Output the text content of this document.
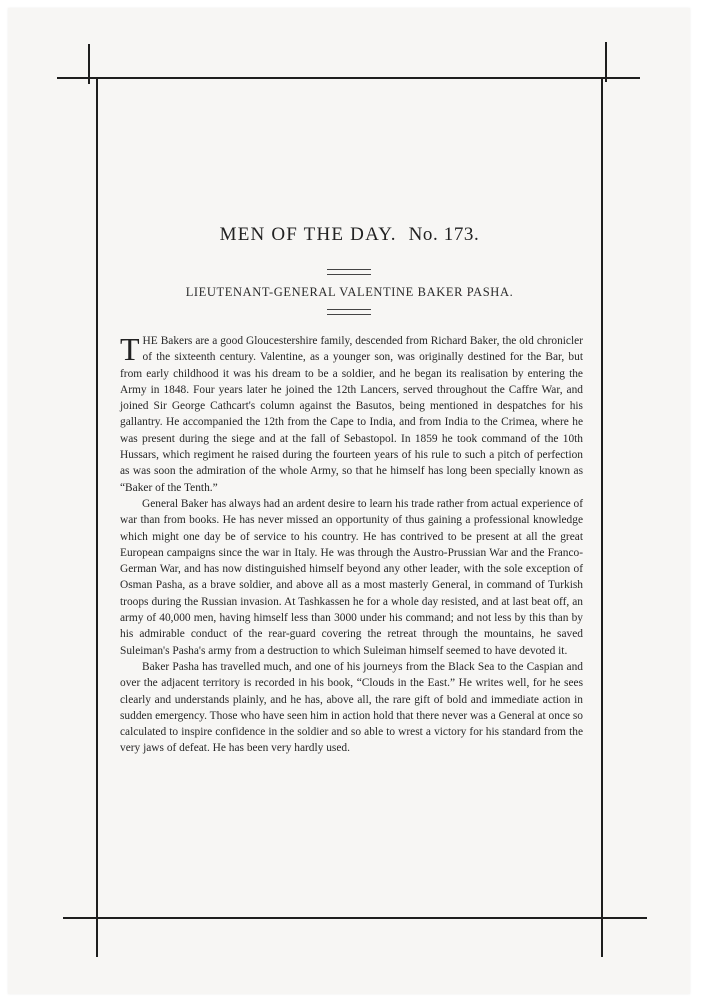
MEN OF THE DAY. No. 173.
LIEUTENANT-GENERAL VALENTINE BAKER PASHA.

THE Bakers are a good Gloucestershire family, descended from Richard Baker, the old chronicler of the sixteenth century. Valentine, as a younger son, was originally destined for the Bar, but from early childhood it was his dream to be a soldier, and he began its realisation by entering the Army in 1848. Four years later he joined the 12th Lancers, served throughout the Caffre War, and joined Sir George Cathcart's column against the Basutos, being mentioned in despatches for his gallantry. He accompanied the 12th from the Cape to India, and from India to the Crimea, where he was present during the siege and at the fall of Sebastopol. In 1859 he took command of the 10th Hussars, which regiment he raised during the fourteen years of his rule to such a pitch of perfection as was soon the admiration of the whole Army, so that he himself has long been specially known as “Baker of the Tenth.”

General Baker has always had an ardent desire to learn his trade rather from actual experience of war than from books. He has never missed an opportunity of thus gaining a professional knowledge which might one day be of service to his country. He has contrived to be present at all the great European campaigns since the war in Italy. He was through the Austro-Prussian War and the Franco-German War, and has now distinguished himself beyond any other leader, with the sole exception of Osman Pasha, as a brave soldier, and above all as a most masterly General, in command of Turkish troops during the Russian invasion. At Tashkassen he for a whole day resisted, and at last beat off, an army of 40,000 men, having himself less than 3000 under his command; and not less by this than by his admirable conduct of the rear-guard covering the retreat through the mountains, he saved Suleiman's Pasha's army from a destruction to which Suleiman himself seemed to have devoted it.

Baker Pasha has travelled much, and one of his journeys from the Black Sea to the Caspian and over the adjacent territory is recorded in his book, “Clouds in the East.” He writes well, for he sees clearly and understands plainly, and he has, above all, the rare gift of bold and immediate action in sudden emergency. Those who have seen him in action hold that there never was a General at once so calculated to inspire confidence in the soldier and so able to wrest a victory for his standard from the very jaws of defeat. He has been very hardly used.
